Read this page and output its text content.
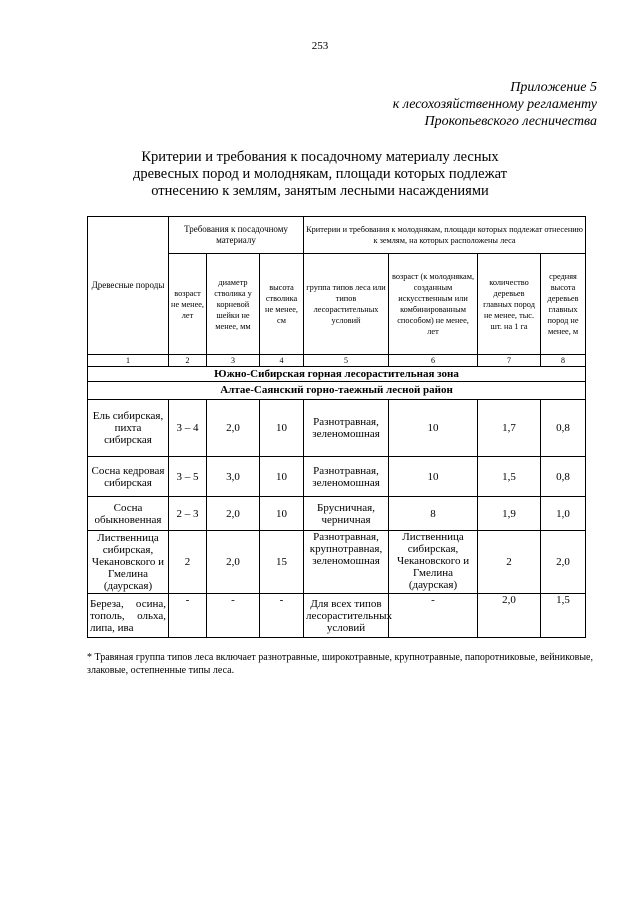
253
Приложение 5
к лесохозяйственному регламенту
Прокопьевского лесничества
Критерии и требования к посадочному материалу лесных
древесных пород и молоднякам, площади которых подлежат
отнесению к землям, занятым лесными насаждениями
Древесные породы	Требования к посадочному материалу			Критерии и требования к молоднякам, площади которых подлежат отнесению к землям, на которых расположены леса			
	возраст не менее, лет	диаметр стволика у корневой шейки не менее, мм	высота стволика не менее, см	группа типов леса или типов лесорастительных условий	возраст (к молоднякам, созданным искусственным или комбинированным способом) не менее, лет	количество деревьев главных пород не менее, тыс. шт. на 1 га	средняя высота деревьев главных пород не менее, м
1	2	3	4	5	6	7	8
Южно-Сибирская горная лесорастительная зона							
Алтае-Саянский горно-таежный лесной район							
Ель сибирская, пихта сибирская	3 – 4	2,0	10	Разнотравная, зеленомошная	10	1,7	0,8
Сосна кедровая сибирская	3 – 5	3,0	10	Разнотравная, зеленомошная	10	1,5	0,8
Сосна обыкновенная	2 – 3	2,0	10	Брусничная, черничная	8	1,9	1,0
Лиственница сибирская, Чекановского и Гмелина (даурская)	2	2,0	15	Разнотравная, крупнотравная, зеленомошная	Лиственница сибирская, Чекановского и Гмелина (даурская)	2	2,0
Береза, осина, тополь, ольха, липа, ива	-	-	-	Для всех типов лесорастительных условий	-	2,0	1,5
* Травяная группа типов леса включает разнотравные, широкотравные, крупнотравные, папоротниковые, вейниковые, злаковые, остепненные типы леса.
